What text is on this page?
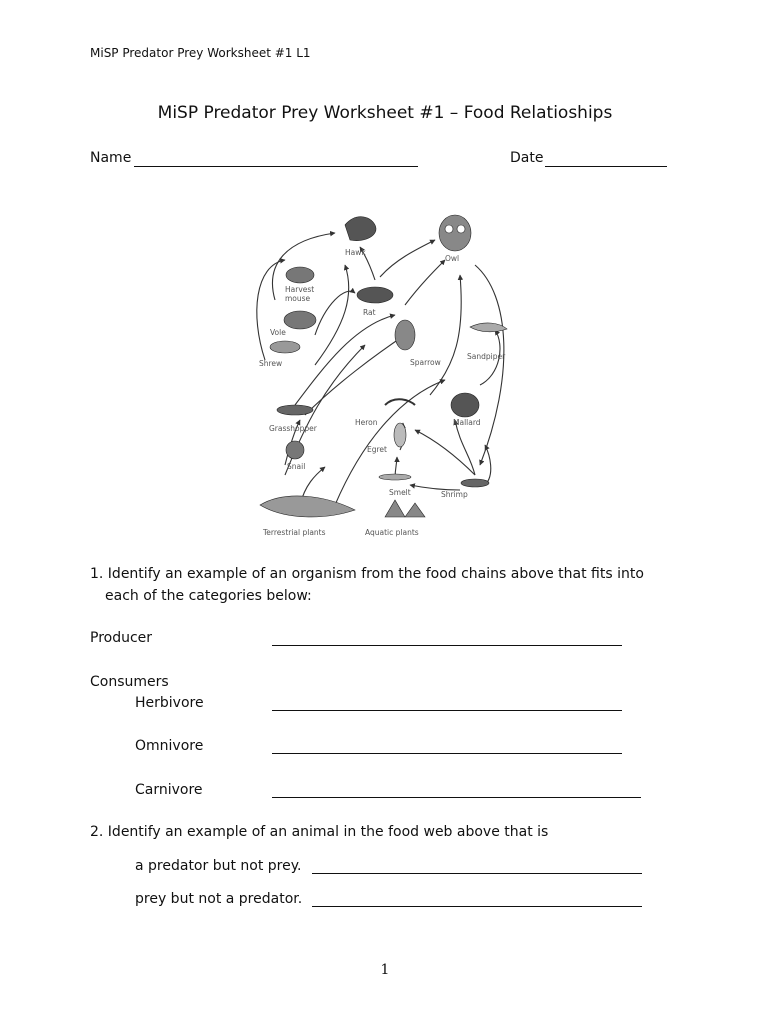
MiSP Predator Prey Worksheet #1 L1
MiSP Predator Prey Worksheet #1 – Food Relatioships
Name	Date
Hawk
Owl
Harvest
mouse
Rat
Vole
Shrew	Sparrow
Sandpiper
Grasshopper
Heron	Mallard
Egret
Snail
Smelt	Shrimp
Terrestrial plants	Aquatic plants
1. Identify an example of an organism from the food chains above that fits into
each of the categories below:
Producer
Consumers
Herbivore
Omnivore
Carnivore
2. Identify an example of an animal in the food web above that is
a predator but not prey.
prey but not a predator.
1
